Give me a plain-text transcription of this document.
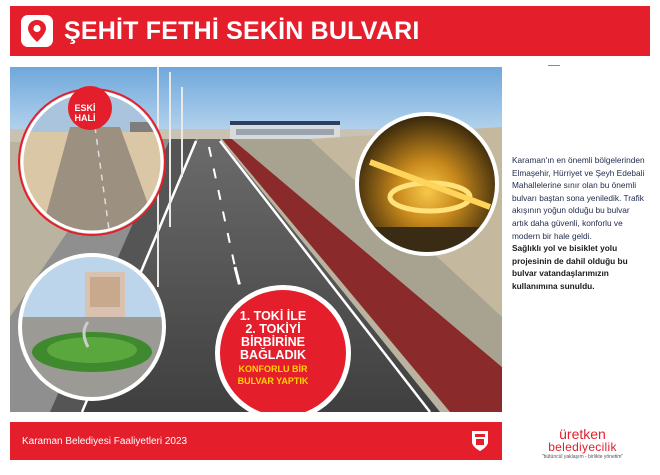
ŞEHİT FETHİ SEKİN BULVARI
ESKİ
HALİ
1. TOKİ İLE
2. TOKİYİ
BİRBİRİNE
BAĞLADIK
KONFORLU BİR
BULVAR YAPTIK
Karaman'ın en önemli bölgelerinden Elmaşehir, Hürriyet ve Şeyh Edebali Mahallelerine sınır olan bu önemli bulvarı baştan sona yeniledik. Trafik akışının yoğun olduğu bu bulvar artık daha güvenli, konforlu ve modern bir hale geldi.
Sağlıklı yol ve bisiklet yolu projesinin de dahil olduğu bu bulvar vatandaşlarımızın kullanımına sunuldu.
Karaman Belediyesi Faaliyetleri 2023	üretken
belediyecilik
"bütüncül yaklaşım - birlikte yönetim"
